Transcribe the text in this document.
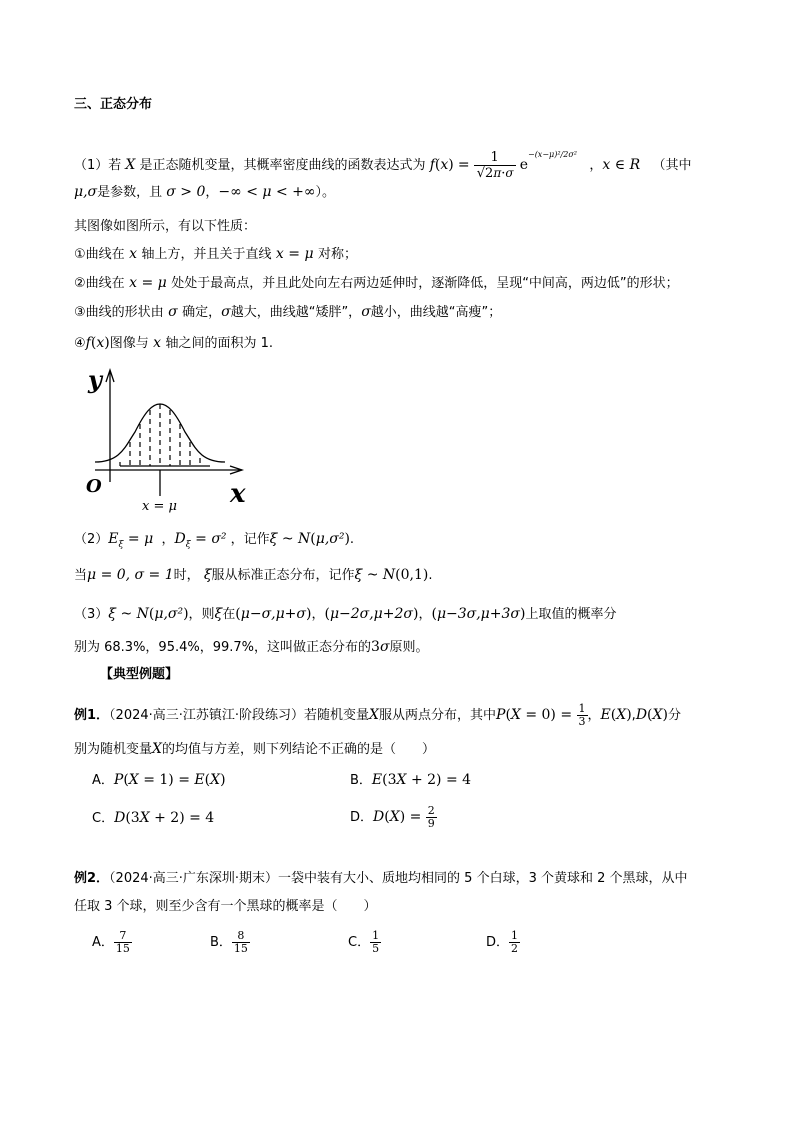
三、正态分布
（1）若 X 是正态随机变量，其概率密度曲线的函数表达式为 $f(x) = \frac{1}{√2\pi\cdot\sigma} e^{-(x-\mu)^2/2\sigma^2}$   ，x ∈ R （其中
μ,σ是参数，且 σ > 0，−∞ < μ < +∞）。
其图像如图所示，有以下性质：
①曲线在 x 轴上方，并且关于直线 x = μ 对称；
②曲线在 x = μ 处处于最高点，并且此处向左右两边延伸时，逐渐降低，呈现“中间高，两边低”的形状；
③曲线的形状由 σ 确定，σ越大，曲线越“矮胖”，σ越小，曲线越“高瘦”；
④f(x)图像与 x 轴之间的面积为 1.
y
x
O
x = μ
$(2)E_\xi = \mu$  ，$D_\xi = \sigma^2$ ，记作ξ ~ N(μ,σ²).
当μ = 0, σ = 1时， ξ服从标准正态分布，记作ξ ~ N(0,1).
（3）ξ ~ N(μ,σ²)，则ξ在(μ−σ,μ+σ)，(μ−2σ,μ+2σ)，(μ−3σ,μ+3σ)上取值的概率分
别为 68.3%，95.4%，99.7%，这叫做正态分布的3σ原则。
【典型例题】
例1．（2024·高三·江苏镇江·阶段练习）若随机变量X服从两点分布，其中$P(X = 0) = \frac{1}{3}$ ，E(X),D(X)分
别为随机变量X的均值与方差，则下列结论不正确的是（　　）
A．P(X = 1) = E(X)	B．E(3X + 2) = 4
C．D(3X + 2) = 4	D．$D(X) = \frac{2}{9}$
例2．（2024·高三·广东深圳·期末）一袋中装有大小、质地均相同的 5 个白球，3 个黄球和 2 个黑球，从中
任取 3 个球，则至少含有一个黑球的概率是（　　）
A． $\frac{7}{15}$	B． $\frac{8}{15}$	C． $\frac{1}{5}$	D． $\frac{1}{2}$
